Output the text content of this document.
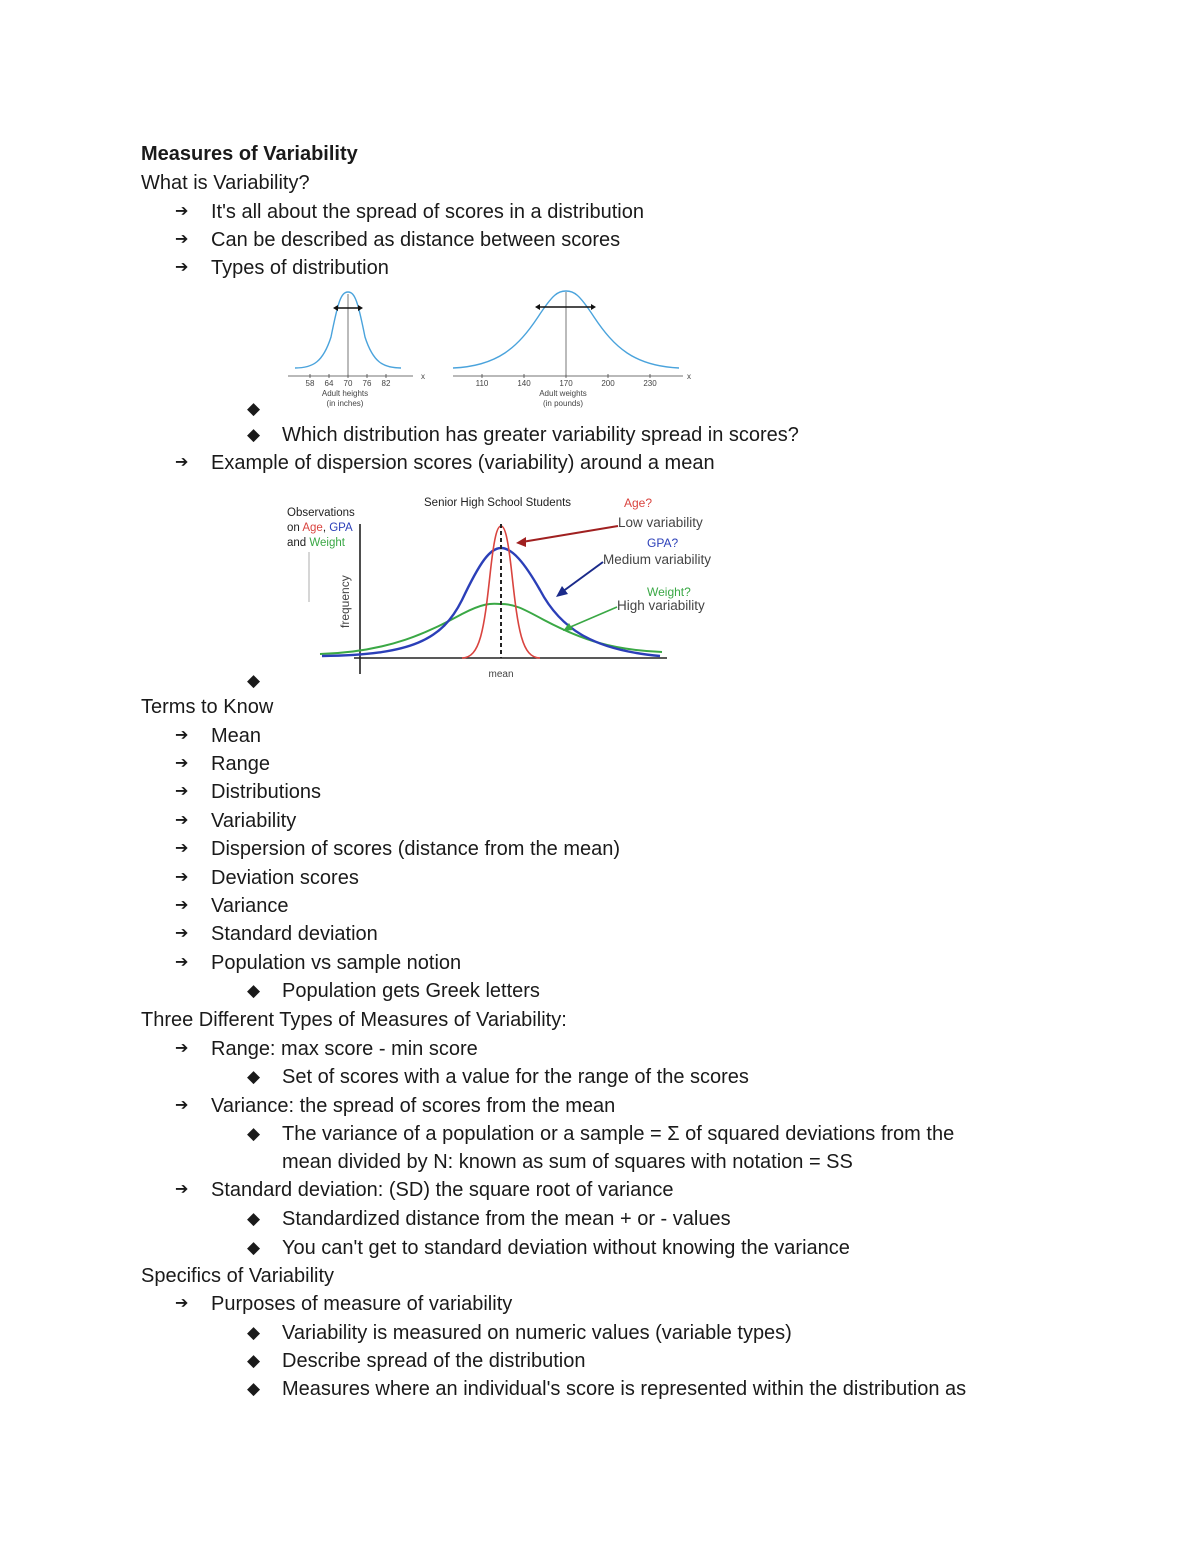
Measures of Variability
What is Variability?
➔	It's all about the spread of scores in a distribution
➔	Can be described as distance between scores
➔	Types of distribution
58 64 70 76 82
x
Adult heights
(in inches)
110	140	170	200	230
x
Adult weights
(in pounds)
◆
◆ Which distribution has greater variability spread in scores?
➔	Example of dispersion scores (variability) around a mean
Observations
on Age, GPA
and Weight
Senior High School Students
frequency
mean
Age?
Low variability
GPA?
Medium variability
Weight?
High variability
◆
Terms to Know
➔	Mean
➔	Range
➔	Distributions
➔	Variability
➔	Dispersion of scores (distance from the mean)
➔	Deviation scores
➔	Variance
➔	Standard deviation
➔	Population vs sample notion
◆ Population gets Greek letters
Three Different Types of Measures of Variability:
➔	Range: max score - min score
◆ Set of scores with a value for the range of the scores
➔	Variance: the spread of scores from the mean
◆ The variance of a population or a sample = Σ of squared deviations from the
mean divided by N: known as sum of squares with notation = SS
➔	Standard deviation: (SD) the square root of variance
◆ Standardized distance from the mean + or - values
◆ You can't get to standard deviation without knowing the variance
Specifics of Variability
➔	Purposes of measure of variability
◆ Variability is measured on numeric values (variable types)
◆ Describe spread of the distribution
◆ Measures where an individual's score is represented within the distribution as
